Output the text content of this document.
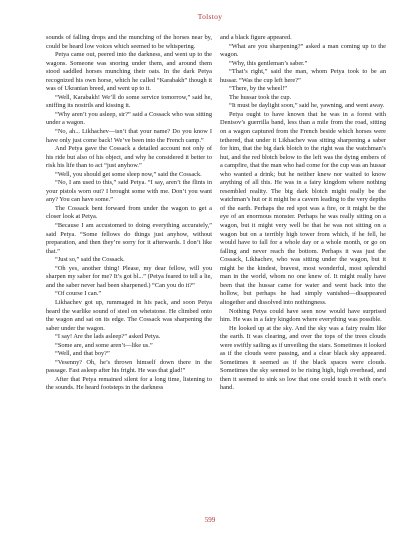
Tolstoy

sounds of falling drops and the munching of the horses near by, could be heard low voices which seemed to be whispering.

Petya came out, peered into the darkness, and went up to the wagons. Someone was snoring under them, and around them stood saddled horses munching their oats. In the dark Petya recognized his own horse, which he called “Karabakh” though it was of Ukranian breed, and went up to it.

“Well, Karabakh! We’ll do some service tomorrow,” said he, sniffing its nostrils and kissing it.

“Why aren’t you asleep, sir?” said a Cossack who was sitting under a wagon.

“No, ah... Likhachev—isn’t that your name? Do you know I have only just come back! We’ve been into the French camp.”

And Petya gave the Cossack a detailed account not only of his ride but also of his object, and why he considered it better to risk his life than to act “just anyhow.”

“Well, you should get some sleep now,” said the Cossack.

“No, I am used to this,” said Petya. “I say, aren’t the flints in your pistols worn out? I brought some with me. Don’t you want any? You can have some.”

The Cossack bent forward from under the wagon to get a closer look at Petya.

“Because I am accustomed to doing everything accurately,” said Petya. “Some fellows do things just anyhow, without preparation, and then they’re sorry for it afterwards. I don’t like that.”

“Just so,” said the Cossack.

“Oh yes, another thing! Please, my dear fellow, will you sharpen my saber for me? It’s got bl...” (Petya feared to tell a lie, and the saber never had been sharpened.) “Can you do it?”

“Of course I can.”

Likhachev got up, rummaged in his pack, and soon Petya heard the warlike sound of steel on whetstone. He climbed onto the wagon and sat on its edge. The Cossack was sharpening the saber under the wagon.

“I say! Are the lads asleep?” asked Petya.

“Some are, and some aren’t—like us.”

“Well, and that boy?”

“Vesenny? Oh, he’s thrown himself down there in the passage. Fast asleep after his fright. He was that glad!”

After that Petya remained silent for a long time, listening to the sounds. He heard footsteps in the darkness

and a black figure appeared.

“What are you sharpening?” asked a man coming up to the wagon.

“Why, this gentleman’s saber.”

“That’s right,” said the man, whom Petya took to be an hussar. “Was the cup left here?”

“There, by the wheel!”

The hussar took the cup.

“It must be daylight soon,” said he, yawning, and went away.

Petya ought to have known that he was in a forest with Denisov’s guerrilla band, less than a mile from the road, sitting on a wagon captured from the French beside which horses were tethered, that under it Likhachev was sitting sharpening a saber for him, that the big dark blotch to the right was the watchman’s hut, and the red blotch below to the left was the dying embers of a campfire, that the man who had come for the cup was an hussar who wanted a drink; but he neither knew nor waited to know anything of all this. He was in a fairy kingdom where nothing resembled reality. The big dark blotch might really be the watchman’s hut or it might be a cavern leading to the very depths of the earth. Perhaps the red spot was a fire, or it might be the eye of an enormous monster. Perhaps he was really sitting on a wagon, but it might very well be that he was not sitting on a wagon but on a terribly high tower from which, if he fell, he would have to fall for a whole day or a whole month, or go on falling and never reach the bottom. Perhaps it was just the Cossack, Likhachev, who was sitting under the wagon, but it might be the kindest, bravest, most wonderful, most splendid man in the world, whom no one knew of. It might really have been that the hussar came for water and went back into the hollow, but perhaps he had simply vanished—disappeared altogether and dissolved into nothingness.

Nothing Petya could have seen now would have surprised him. He was in a fairy kingdom where everything was possible.

He looked up at the sky. And the sky was a fairy realm like the earth. It was clearing, and over the tops of the trees clouds were swiftly sailing as if unveiling the stars. Sometimes it looked as if the clouds were passing, and a clear black sky appeared. Sometimes it seemed as if the black spaces were clouds. Sometimes the sky seemed to be rising high, high overhead, and then it seemed to sink so low that one could touch it with one’s hand.

599
